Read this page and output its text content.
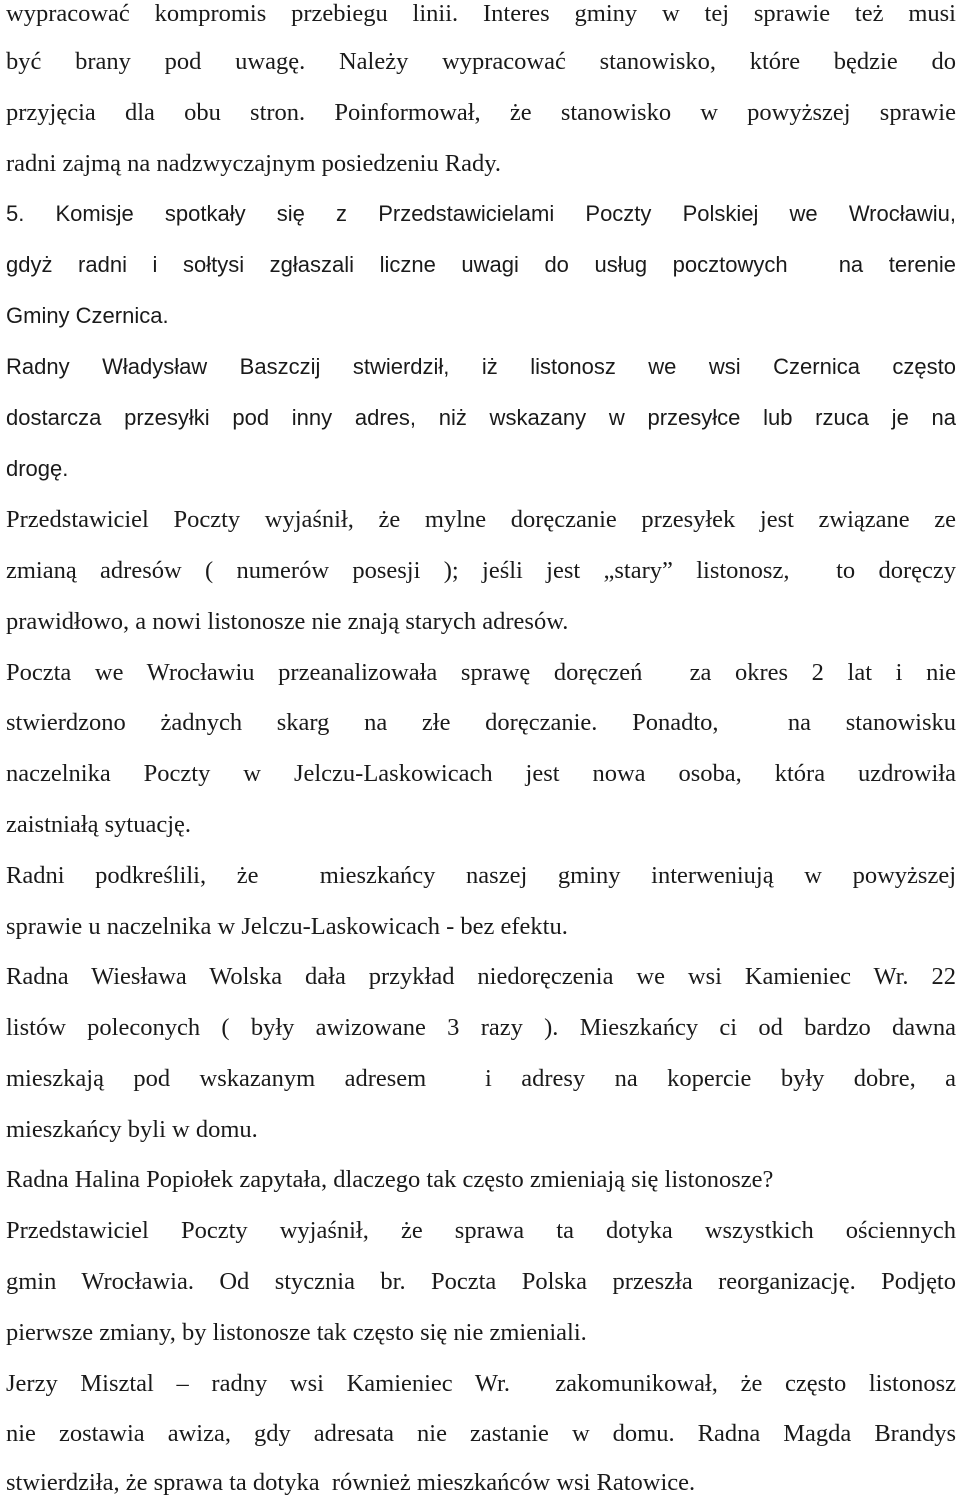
wypracować kompromis przebiegu linii. Interes gminy w tej sprawie też musi
być brany pod uwagę. Należy wypracować stanowisko, które będzie do
przyjęcia dla obu stron. Poinformował, że stanowisko w powyższej sprawie
radni zajmą na nadzwyczajnym posiedzeniu Rady.
5. Komisje spotkały się z Przedstawicielami Poczty Polskiej we Wrocławiu,
gdyż radni i sołtysi zgłaszali liczne uwagi do usług pocztowych  na terenie
Gminy Czernica.
Radny Władysław Baszczij stwierdził, iż listonosz we wsi Czernica często
dostarcza przesyłki pod inny adres, niż wskazany w przesyłce lub rzuca je na
drogę.
Przedstawiciel Poczty wyjaśnił, że mylne doręczanie przesyłek jest związane ze
zmianą adresów ( numerów posesji ); jeśli jest „stary” listonosz,  to doręczy
prawidłowo, a nowi listonosze nie znają starych adresów.
Poczta we Wrocławiu przeanalizowała sprawę doręczeń  za okres 2 lat i nie
stwierdzono żadnych skarg na złe doręczanie. Ponadto,  na stanowisku
naczelnika Poczty w Jelczu-Laskowicach jest nowa osoba, która uzdrowiła
zaistniałą sytuację.
Radni podkreślili, że  mieszkańcy naszej gminy interweniują w powyższej
sprawie u naczelnika w Jelczu-Laskowicach - bez efektu.
Radna Wiesława Wolska dała przykład niedoręczenia we wsi Kamieniec Wr. 22
listów poleconych ( były awizowane 3 razy ). Mieszkańcy ci od bardzo dawna
mieszkają pod wskazanym adresem  i adresy na kopercie były dobre, a
mieszkańcy byli w domu.
Radna Halina Popiołek zapytała, dlaczego tak często zmieniają się listonosze?
Przedstawiciel Poczty wyjaśnił, że sprawa ta dotyka wszystkich ościennych
gmin Wrocławia. Od stycznia br. Poczta Polska przeszła reorganizację. Podjęto
pierwsze zmiany, by listonosze tak często się nie zmieniali.
Jerzy Misztal – radny wsi Kamieniec Wr.  zakomunikował, że często listonosz
nie zostawia awiza, gdy adresata nie zastanie w domu. Radna Magda Brandys
stwierdziła, że sprawa ta dotyka  również mieszkańców wsi Ratowice.
